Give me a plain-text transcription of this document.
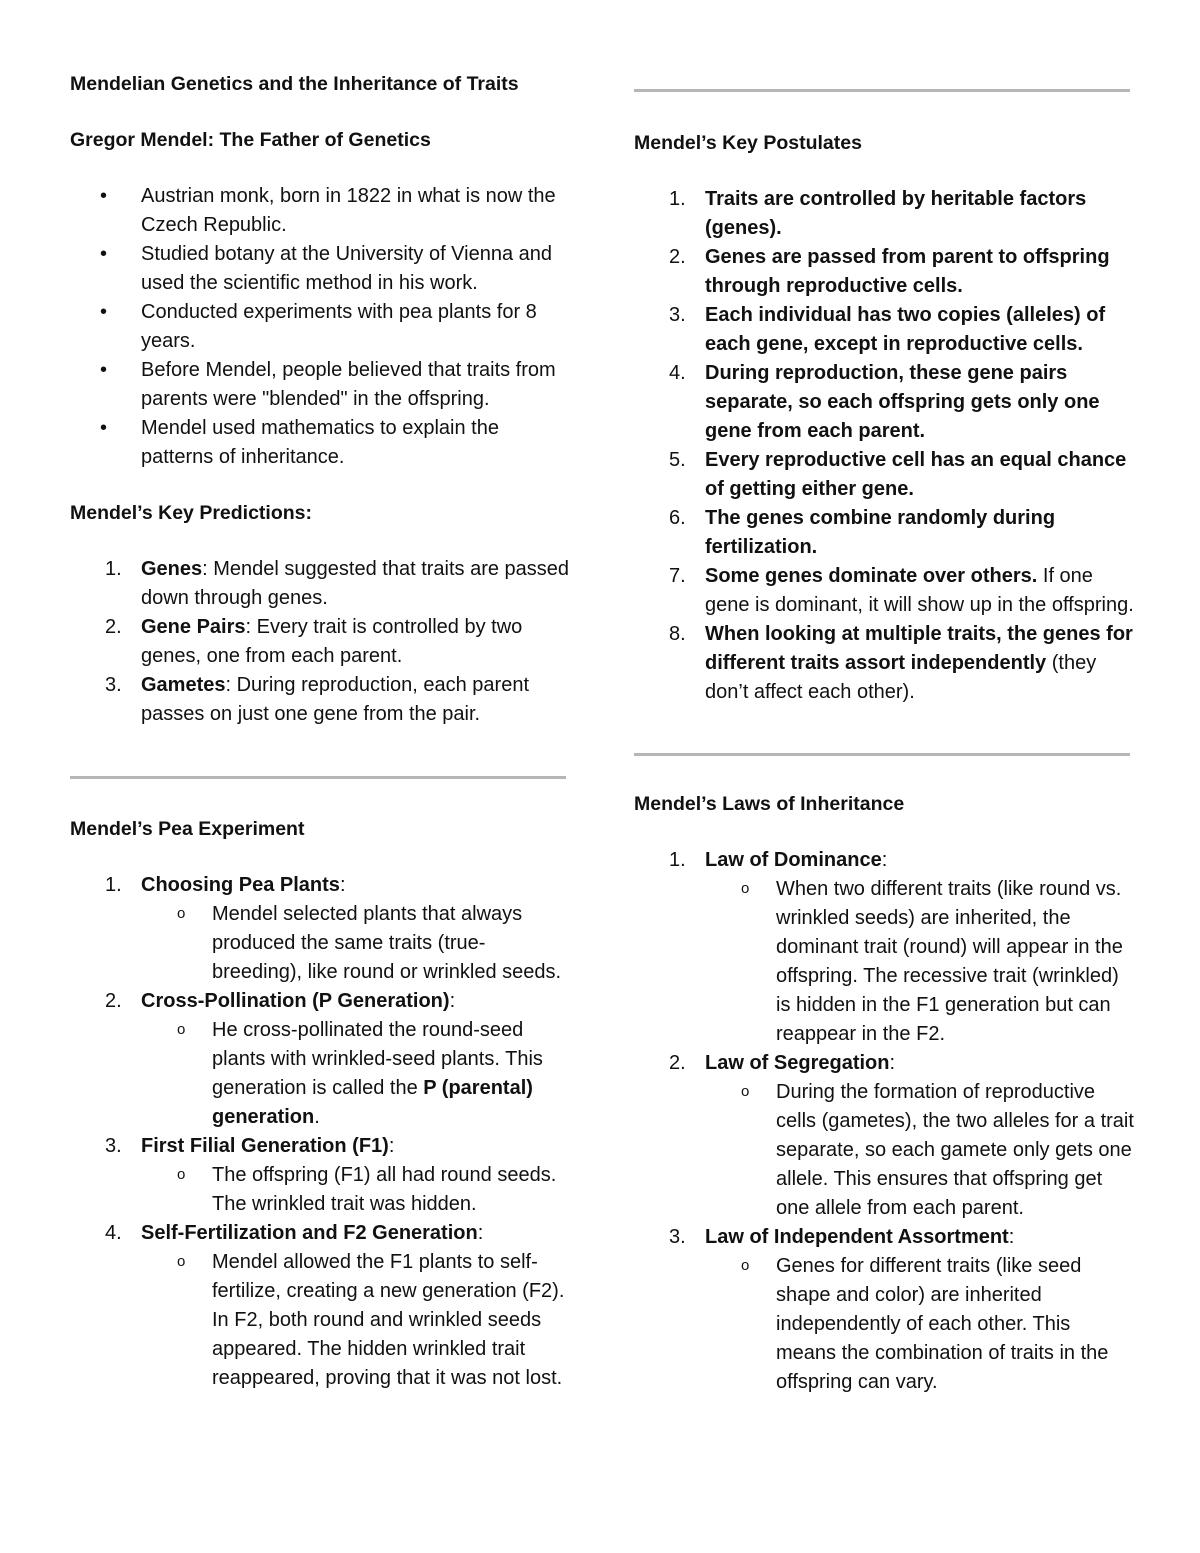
Mendelian Genetics and the Inheritance of Traits
Gregor Mendel: The Father of Genetics
• Austrian monk, born in 1822 in what is now the Czech Republic.
• Studied botany at the University of Vienna and used the scientific method in his work.
• Conducted experiments with pea plants for 8 years.
• Before Mendel, people believed that traits from parents were "blended" in the offspring.
• Mendel used mathematics to explain the patterns of inheritance.
Mendel’s Key Predictions:
1. Genes: Mendel suggested that traits are passed down through genes.
2. Gene Pairs: Every trait is controlled by two genes, one from each parent.
3. Gametes: During reproduction, each parent passes on just one gene from the pair.
Mendel’s Pea Experiment
1. Choosing Pea Plants:
o Mendel selected plants that always produced the same traits (true-breeding), like round or wrinkled seeds.
2. Cross-Pollination (P Generation):
o He cross-pollinated the round-seed plants with wrinkled-seed plants. This generation is called the P (parental) generation.
3. First Filial Generation (F1):
o The offspring (F1) all had round seeds. The wrinkled trait was hidden.
4. Self-Fertilization and F2 Generation:
o Mendel allowed the F1 plants to self-fertilize, creating a new generation (F2). In F2, both round and wrinkled seeds appeared. The hidden wrinkled trait reappeared, proving that it was not lost.
Mendel’s Key Postulates
1. Traits are controlled by heritable factors (genes).
2. Genes are passed from parent to offspring through reproductive cells.
3. Each individual has two copies (alleles) of each gene, except in reproductive cells.
4. During reproduction, these gene pairs separate, so each offspring gets only one gene from each parent.
5. Every reproductive cell has an equal chance of getting either gene.
6. The genes combine randomly during fertilization.
7. Some genes dominate over others. If one gene is dominant, it will show up in the offspring.
8. When looking at multiple traits, the genes for different traits assort independently (they don’t affect each other).
Mendel’s Laws of Inheritance
1. Law of Dominance:
o When two different traits (like round vs. wrinkled seeds) are inherited, the dominant trait (round) will appear in the offspring. The recessive trait (wrinkled) is hidden in the F1 generation but can reappear in the F2.
2. Law of Segregation:
o During the formation of reproductive cells (gametes), the two alleles for a trait separate, so each gamete only gets one allele. This ensures that offspring get one allele from each parent.
3. Law of Independent Assortment:
o Genes for different traits (like seed shape and color) are inherited independently of each other. This means the combination of traits in the offspring can vary.
